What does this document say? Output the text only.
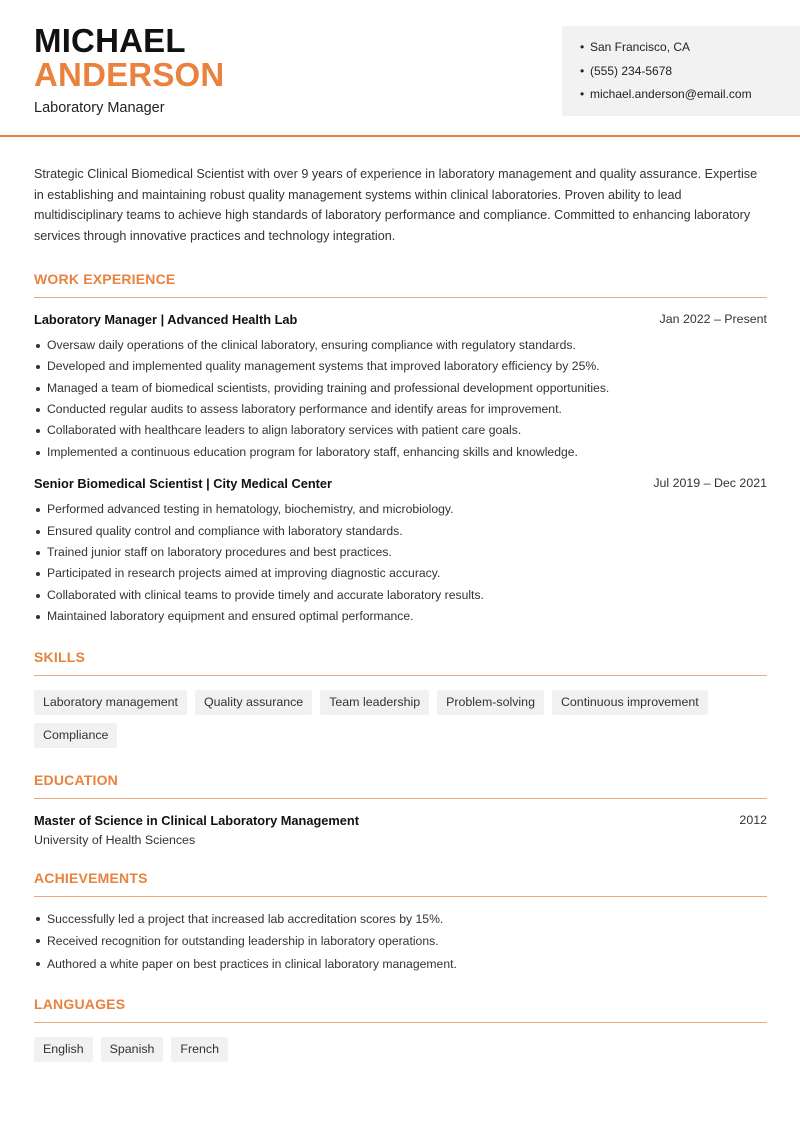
MICHAEL
ANDERSON
Laboratory Manager
• San Francisco, CA
• (555) 234-5678
• michael.anderson@email.com

Strategic Clinical Biomedical Scientist with over 9 years of experience in laboratory management and quality assurance. Expertise in establishing and maintaining robust quality management systems within clinical laboratories. Proven ability to lead multidisciplinary teams to achieve high standards of laboratory performance and compliance. Committed to enhancing laboratory services through innovative practices and technology integration.

WORK EXPERIENCE
Laboratory Manager | Advanced Health Lab	Jan 2022 – Present
Oversaw daily operations of the clinical laboratory, ensuring compliance with regulatory standards.
Developed and implemented quality management systems that improved laboratory efficiency by 25%.
Managed a team of biomedical scientists, providing training and professional development opportunities.
Conducted regular audits to assess laboratory performance and identify areas for improvement.
Collaborated with healthcare leaders to align laboratory services with patient care goals.
Implemented a continuous education program for laboratory staff, enhancing skills and knowledge.
Senior Biomedical Scientist | City Medical Center	Jul 2019 – Dec 2021
Performed advanced testing in hematology, biochemistry, and microbiology.
Ensured quality control and compliance with laboratory standards.
Trained junior staff on laboratory procedures and best practices.
Participated in research projects aimed at improving diagnostic accuracy.
Collaborated with clinical teams to provide timely and accurate laboratory results.
Maintained laboratory equipment and ensured optimal performance.
SKILLS
Laboratory management	Quality assurance	Team leadership	Problem-solving	Continuous improvement
Compliance
EDUCATION
Master of Science in Clinical Laboratory Management	2012
University of Health Sciences
ACHIEVEMENTS
Successfully led a project that increased lab accreditation scores by 15%.
Received recognition for outstanding leadership in laboratory operations.
Authored a white paper on best practices in clinical laboratory management.
LANGUAGES
English	Spanish	French
